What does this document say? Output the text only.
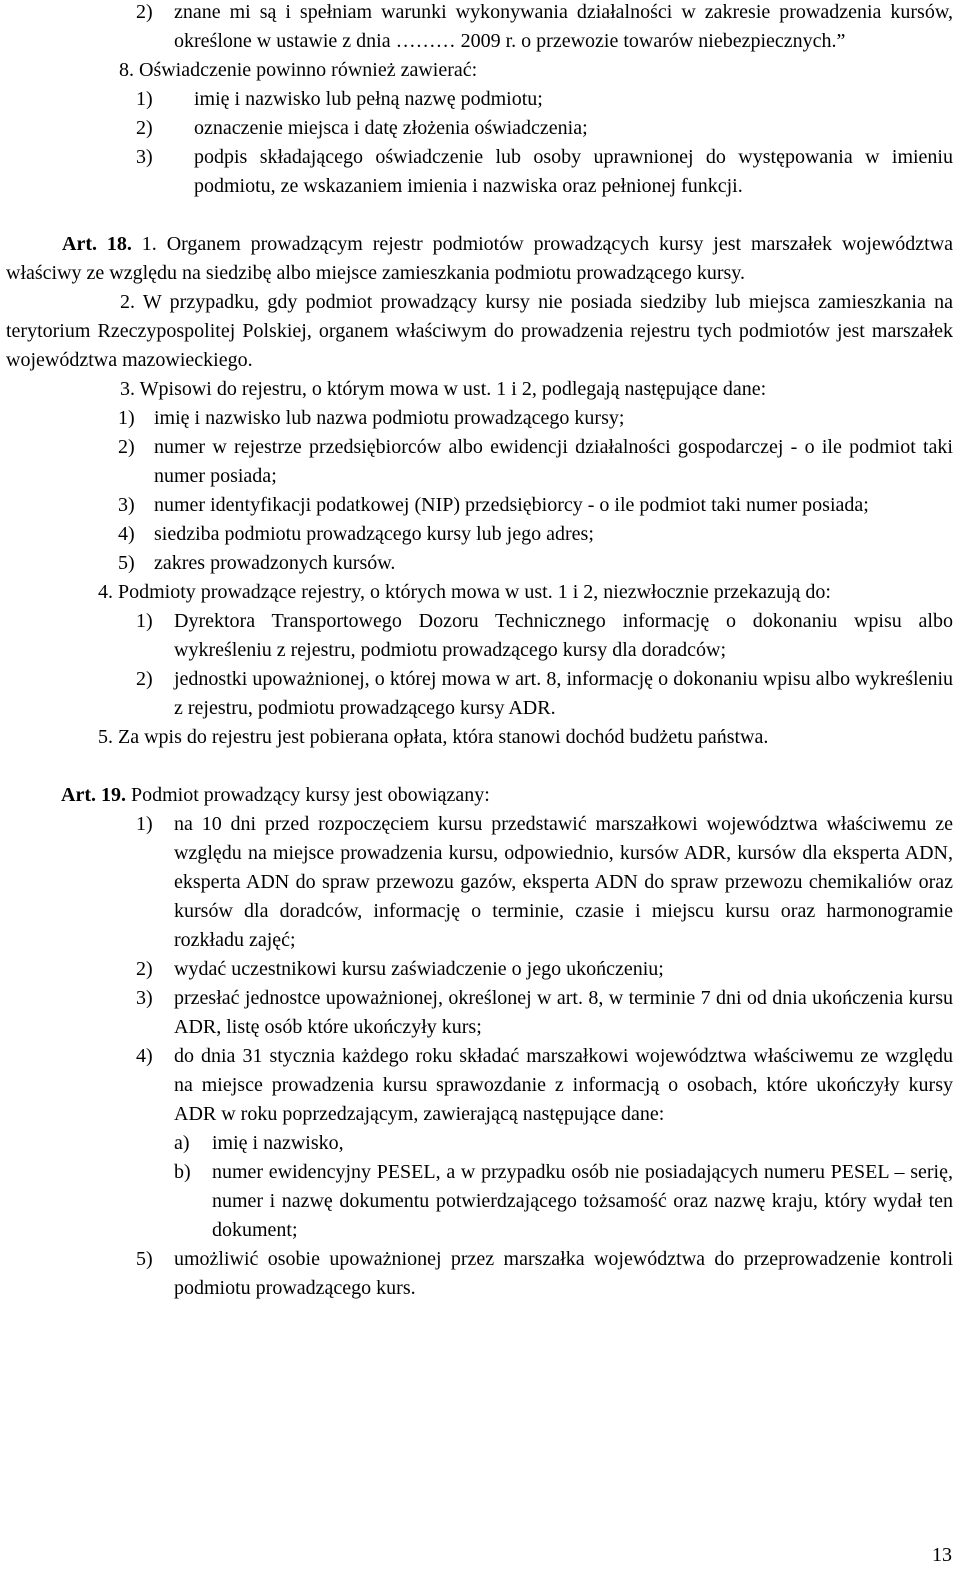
2)	znane mi są i spełniam warunki wykonywania działalności w zakresie prowadzenia kursów, określone w ustawie z dnia ……… 2009 r. o przewozie towarów niebezpiecznych.”

8. Oświadczenie powinno również zawierać:

1)	imię i nazwisko lub pełną nazwę podmiotu;
2)	oznaczenie miejsca i datę złożenia oświadczenia;
3)	podpis składającego oświadczenie lub osoby uprawnionej do występowania w imieniu podmiotu, ze wskazaniem imienia i nazwiska oraz pełnionej funkcji.

Art. 18. 1. Organem prowadzącym rejestr podmiotów prowadzących kursy jest marszałek województwa właściwy ze względu na siedzibę albo miejsce zamieszkania podmiotu prowadzącego kursy.

2. W przypadku, gdy podmiot prowadzący kursy nie posiada siedziby lub miejsca zamieszkania na terytorium Rzeczypospolitej Polskiej, organem właściwym do prowadzenia rejestru tych podmiotów jest marszałek województwa mazowieckiego.

3. Wpisowi do rejestru, o którym mowa w ust. 1 i 2, podlegają następujące dane:

1) imię i nazwisko lub nazwa podmiotu prowadzącego kursy;
2) numer w rejestrze przedsiębiorców albo ewidencji działalności gospodarczej - o ile podmiot taki numer posiada;
3) numer identyfikacji podatkowej (NIP) przedsiębiorcy - o ile podmiot taki numer posiada;
4) siedziba podmiotu prowadzącego kursy lub jego adres;
5) zakres prowadzonych kursów.

4. Podmioty prowadzące rejestry, o których mowa w ust. 1 i 2, niezwłocznie przekazują do:

1)	Dyrektora Transportowego Dozoru Technicznego informację o dokonaniu wpisu albo wykreśleniu z rejestru, podmiotu prowadzącego kursy dla doradców;
2)	jednostki upoważnionej, o której mowa w art. 8, informację o dokonaniu wpisu albo wykreśleniu z rejestru, podmiotu prowadzącego kursy ADR.

5. Za wpis do rejestru jest pobierana opłata, która stanowi dochód budżetu państwa.

Art. 19. Podmiot prowadzący kursy jest obowiązany:

1)	na 10 dni przed rozpoczęciem kursu przedstawić marszałkowi województwa właściwemu ze względu na miejsce prowadzenia kursu, odpowiednio, kursów ADR, kursów dla eksperta ADN, eksperta ADN do spraw przewozu gazów, eksperta ADN do spraw przewozu chemikaliów oraz kursów dla doradców, informację o terminie, czasie i miejscu kursu oraz harmonogramie rozkładu zajęć;
2)	wydać uczestnikowi kursu zaświadczenie o jego ukończeniu;
3)	przesłać jednostce upoważnionej, określonej w art. 8, w terminie 7 dni od dnia ukończenia kursu ADR, listę osób które ukończyły kurs;
4)	do dnia 31 stycznia każdego roku składać marszałkowi województwa właściwemu ze względu na miejsce prowadzenia kursu sprawozdanie z informacją o osobach, które ukończyły kursy ADR w roku poprzedzającym, zawierającą następujące dane:
a)	imię i nazwisko,
b)	numer ewidencyjny PESEL, a w przypadku osób nie posiadających numeru PESEL – serię, numer i nazwę dokumentu potwierdzającego tożsamość oraz nazwę kraju, który wydał ten dokument;
5)	umożliwić osobie upoważnionej przez marszałka województwa do przeprowadzenie kontroli podmiotu prowadzącego kurs.
13
